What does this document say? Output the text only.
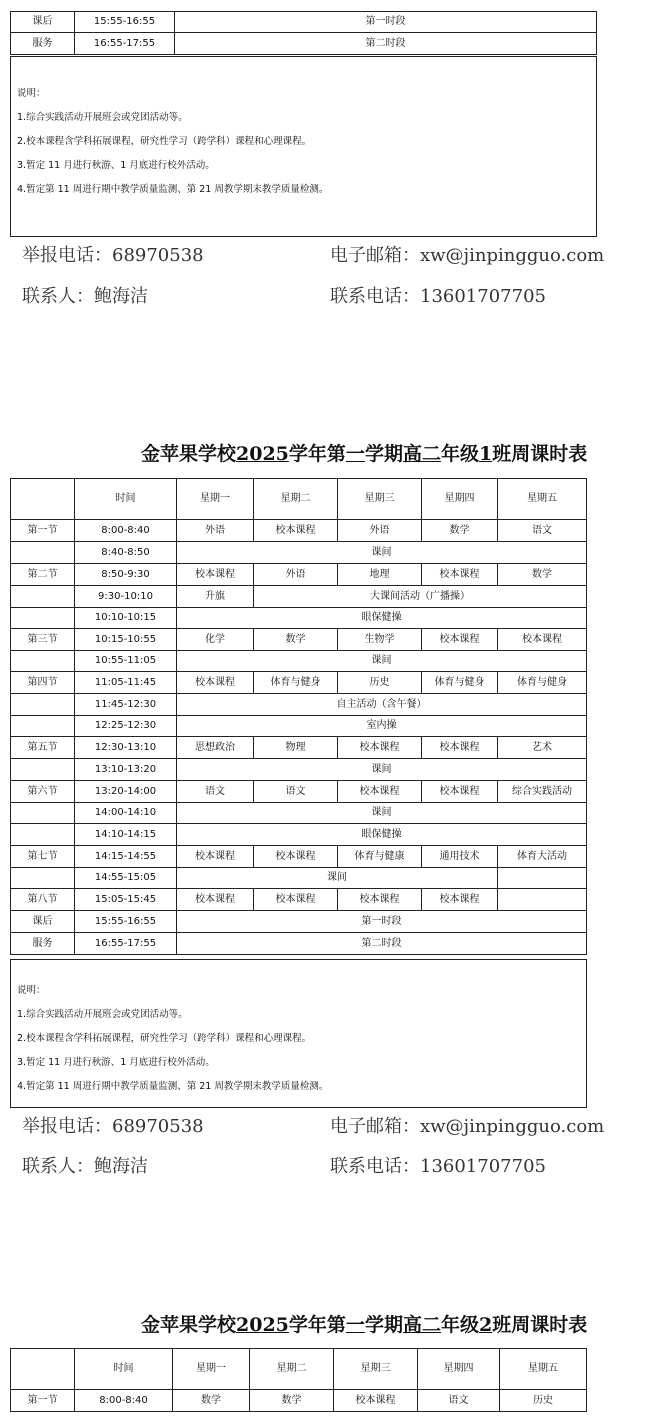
课后	15:55-16:55	第一时段
服务	16:55-17:55	第二时段
说明：
1.综合实践活动开展班会或党团活动等。
2.校本课程含学科拓展课程，研究性学习（跨学科）课程和心理课程。
3.暂定 11 月进行秋游、1 月底进行校外活动。
4.暂定第 11 周进行期中教学质量监测、第 21 周教学期末教学质量检测。
举报电话：68970538	电子邮箱：xw@jinpingguo.com
联系人：鲍海洁	联系电话：13601707705
金苹果学校2025学年第一学期高二年级1班周课时表
	时间	星期一	星期二	星期三	星期四	星期五
第一节	8:00-8:40	外语	校本课程	外语	数学	语文
	8:40-8:50	课间				
第二节	8:50-9:30	校本课程	外语	地理	校本课程	数学
	9:30-10:10	升旗	大课间活动（广播操）			
	10:10-10:15	眼保健操				
第三节	10:15-10:55	化学	数学	生物学	校本课程	校本课程
	10:55-11:05	课间				
第四节	11:05-11:45	校本课程	体育与健身	历史	体育与健身	体育与健身
	11:45-12:30	自主活动（含午餐）				
	12:25-12:30	室内操				
第五节	12:30-13:10	思想政治	物理	校本课程	校本课程	艺术
	13:10-13:20	课间				
第六节	13:20-14:00	语文	语文	校本课程	校本课程	综合实践活动
	14:00-14:10	课间				
	14:10-14:15	眼保健操				
第七节	14:15-14:55	校本课程	校本课程	体育与健康	通用技术	体育大活动
	14:55-15:05	课间				
第八节	15:05-15:45	校本课程	校本课程	校本课程	校本课程	
课后	15:55-16:55	第一时段				
服务	16:55-17:55	第二时段				
说明：
1.综合实践活动开展班会或党团活动等。
2.校本课程含学科拓展课程，研究性学习（跨学科）课程和心理课程。
3.暂定 11 月进行秋游、1 月底进行校外活动。
4.暂定第 11 周进行期中教学质量监测、第 21 周教学期末教学质量检测。
举报电话：68970538	电子邮箱：xw@jinpingguo.com
联系人：鲍海洁	联系电话：13601707705
金苹果学校2025学年第一学期高二年级2班周课时表
	时间	星期一	星期二	星期三	星期四	星期五
第一节	8:00-8:40	数学	数学	校本课程	语文	历史
